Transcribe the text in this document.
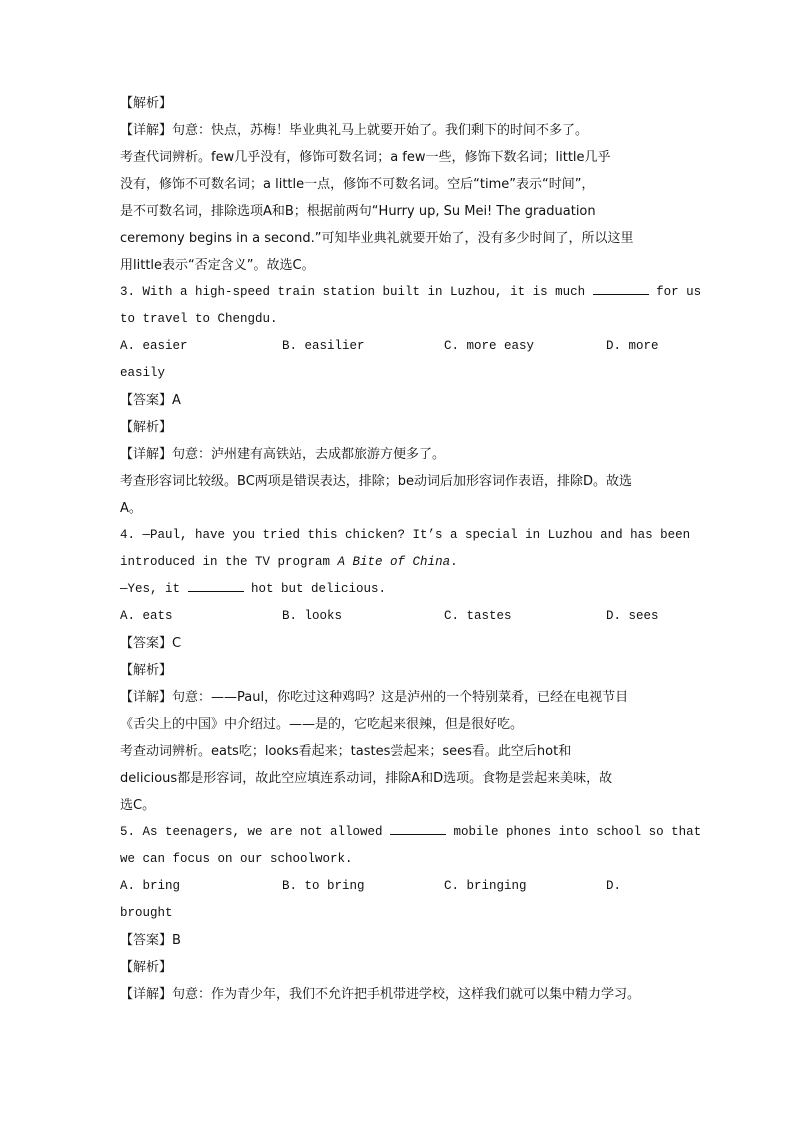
【解析】
【详解】句意：快点，苏梅！毕业典礼马上就要开始了。我们剩下的时间不多了。
考查代词辨析。few几乎没有，修饰可数名词；a few一些，修饰下数名词；little几乎
没有，修饰不可数名词；a little一点，修饰不可数名词。空后“time”表示“时间”，
是不可数名词，排除选项A和B；根据前两句“Hurry up, Su Mei! The graduation
ceremony begins in a second.”可知毕业典礼就要开始了，没有多少时间了，所以这里
用little表示“否定含义”。故选C。
3. With a high-speed train station built in Luzhou, it is much	for us
to travel to Chengdu.
A. easier	B. easilier	C. more easy	D. more
easily
【答案】A
【解析】
【详解】句意：泸州建有高铁站，去成都旅游方便多了。
考查形容词比较级。BC两项是错误表达，排除；be动词后加形容词作表语，排除D。故选
A。
4. —Paul, have you tried this chicken? It’s a special in Luzhou and has been
introduced in the TV program A Bite of China.
—Yes, it	hot but delicious.
A. eats	B. looks	C. tastes	D. sees
【答案】C
【解析】
【详解】句意：——Paul，你吃过这种鸡吗？这是泸州的一个特别菜肴，已经在电视节目
《舌尖上的中国》中介绍过。——是的，它吃起来很辣，但是很好吃。
考查动词辨析。eats吃；looks看起来；tastes尝起来；sees看。此空后hot和
delicious都是形容词，故此空应填连系动词，排除A和D选项。食物是尝起来美味，故
选C。
5. As teenagers, we are not allowed	mobile phones into school so that
we can focus on our schoolwork.
A. bring	B. to bring	C. bringing	D.
brought
【答案】B
【解析】
【详解】句意：作为青少年，我们不允许把手机带进学校，这样我们就可以集中精力学习。
